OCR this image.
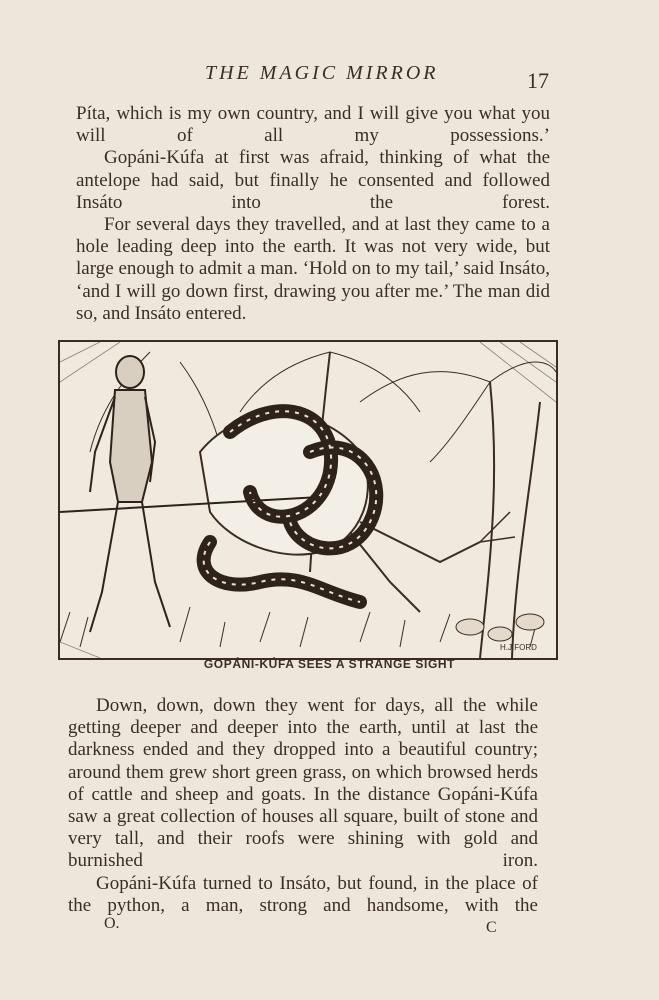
THE MAGIC MIRROR	17

Píta, which is my own country, and I will give you what you will of all my possessions.’

Gopáni-Kúfa at first was afraid, thinking of what the antelope had said, but finally he consented and followed Insáto into the forest.

For several days they travelled, and at last they came to a hole leading deep into the earth. It was not very wide, but large enough to admit a man. ‘Hold on to my tail,’ said Insáto, ‘and I will go down first, drawing you after me.’ The man did so, and Insáto entered.

H.J.FORD
GOPÁNI-KÚFA SEES A STRANGE SIGHT

Down, down, down they went for days, all the while getting deeper and deeper into the earth, until at last the darkness ended and they dropped into a beautiful country; around them grew short green grass, on which browsed herds of cattle and sheep and goats. In the distance Gopáni-Kúfa saw a great collection of houses all square, built of stone and very tall, and their roofs were shining with gold and burnished iron.

Gopáni-Kúfa turned to Insáto, but found, in the place of the python, a man, strong and handsome, with the

O.	C
